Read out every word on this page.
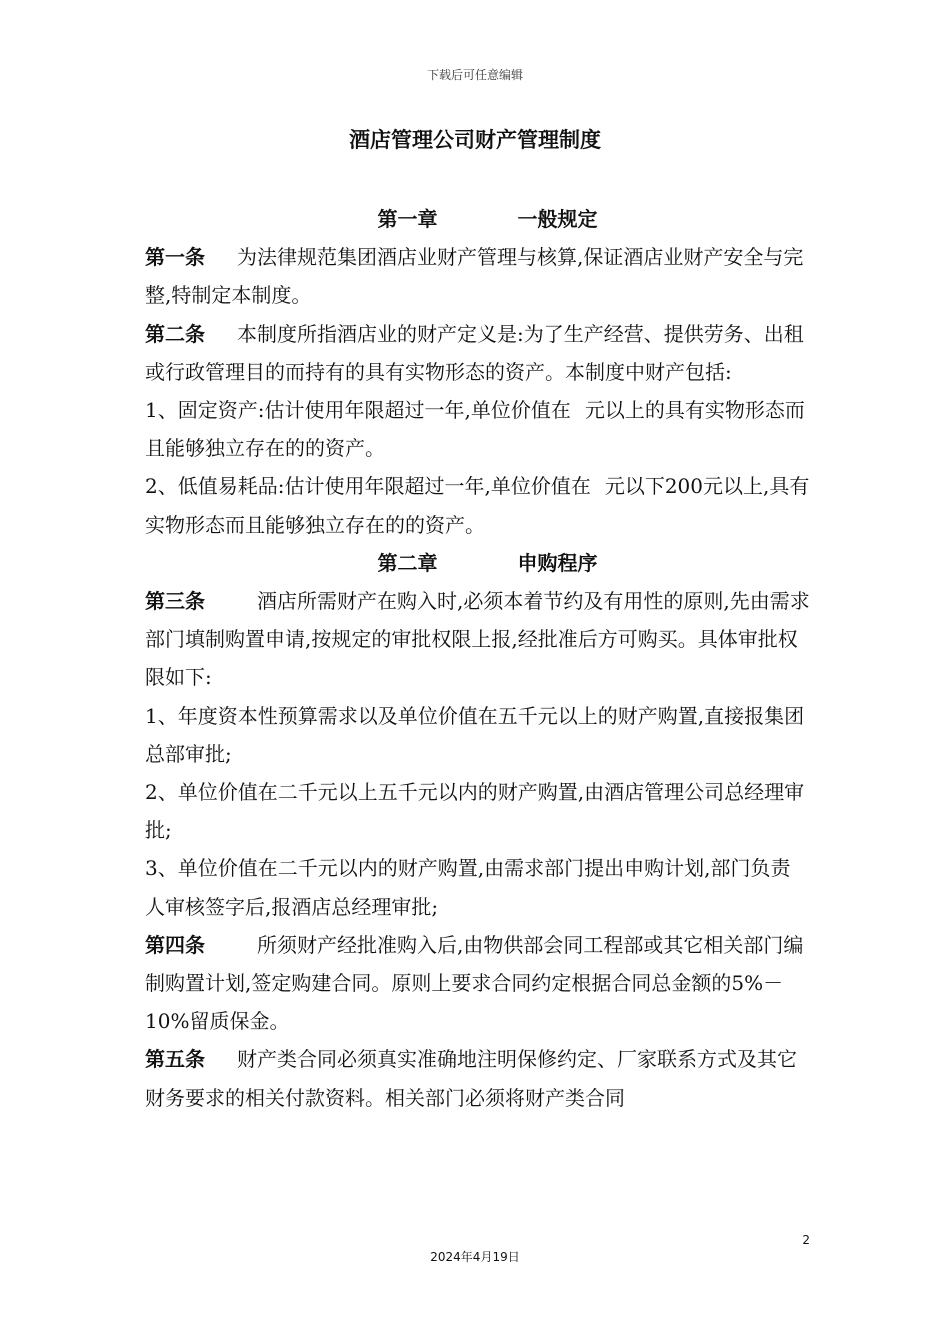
下载后可任意编辑
酒店管理公司财产管理制度

第一章	一般规定

第一条 为法律规范集团酒店业财产管理与核算,保证酒店业财产安全与完整,特制定本制度。

第二条 本制度所指酒店业的财产定义是:为了生产经营、提供劳务、出租或行政管理目的而持有的具有实物形态的资产。本制度中财产包括:

1、固定资产:估计使用年限超过一年,单位价值在 元以上的具有实物形态而且能够独立存在的的资产。

2、低值易耗品:估计使用年限超过一年,单位价值在 元以下200元以上,具有实物形态而且能够独立存在的的资产。

第二章	申购程序

第三条	酒店所需财产在购入时,必须本着节约及有用性的原则,先由需求部门填制购置申请,按规定的审批权限上报,经批准后方可购买。具体审批权限如下:

1、年度资本性预算需求以及单位价值在五千元以上的财产购置,直接报集团总部审批;

2、单位价值在二千元以上五千元以内的财产购置,由酒店管理公司总经理审批;

3、单位价值在二千元以内的财产购置,由需求部门提出申购计划,部门负责人审核签字后,报酒店总经理审批;

第四条	所须财产经批准购入后,由物供部会同工程部或其它相关部门编制购置计划,签定购建合同。原则上要求合同约定根据合同总金额的5%－10%留质保金。

第五条 财产类合同必须真实准确地注明保修约定、厂家联系方式及其它财务要求的相关付款资料。相关部门必须将财产类合同

2
2024年4月19日
